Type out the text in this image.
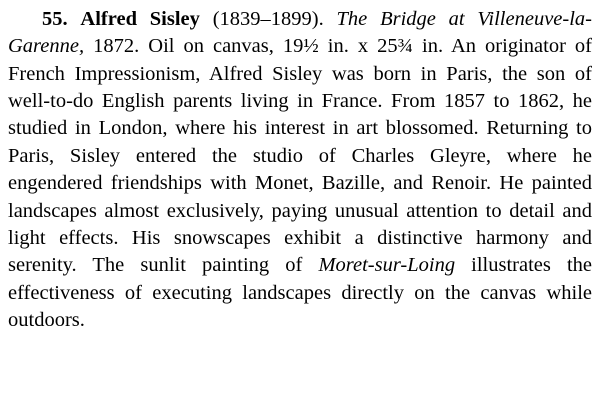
55. Alfred Sisley (1839–1899). The Bridge at Villeneuve-la-Garenne, 1872. Oil on canvas, 19½ in. x 25¾ in. An originator of French Impressionism, Alfred Sisley was born in Paris, the son of well-to-do English parents living in France. From 1857 to 1862, he studied in London, where his interest in art blossomed. Returning to Paris, Sisley entered the studio of Charles Gleyre, where he engendered friendships with Monet, Bazille, and Renoir. He painted landscapes almost exclusively, paying unusual attention to detail and light effects. His snowscapes exhibit a distinctive harmony and serenity. The sunlit painting of Moret-sur-Loing illustrates the effectiveness of executing landscapes directly on the canvas while outdoors.
